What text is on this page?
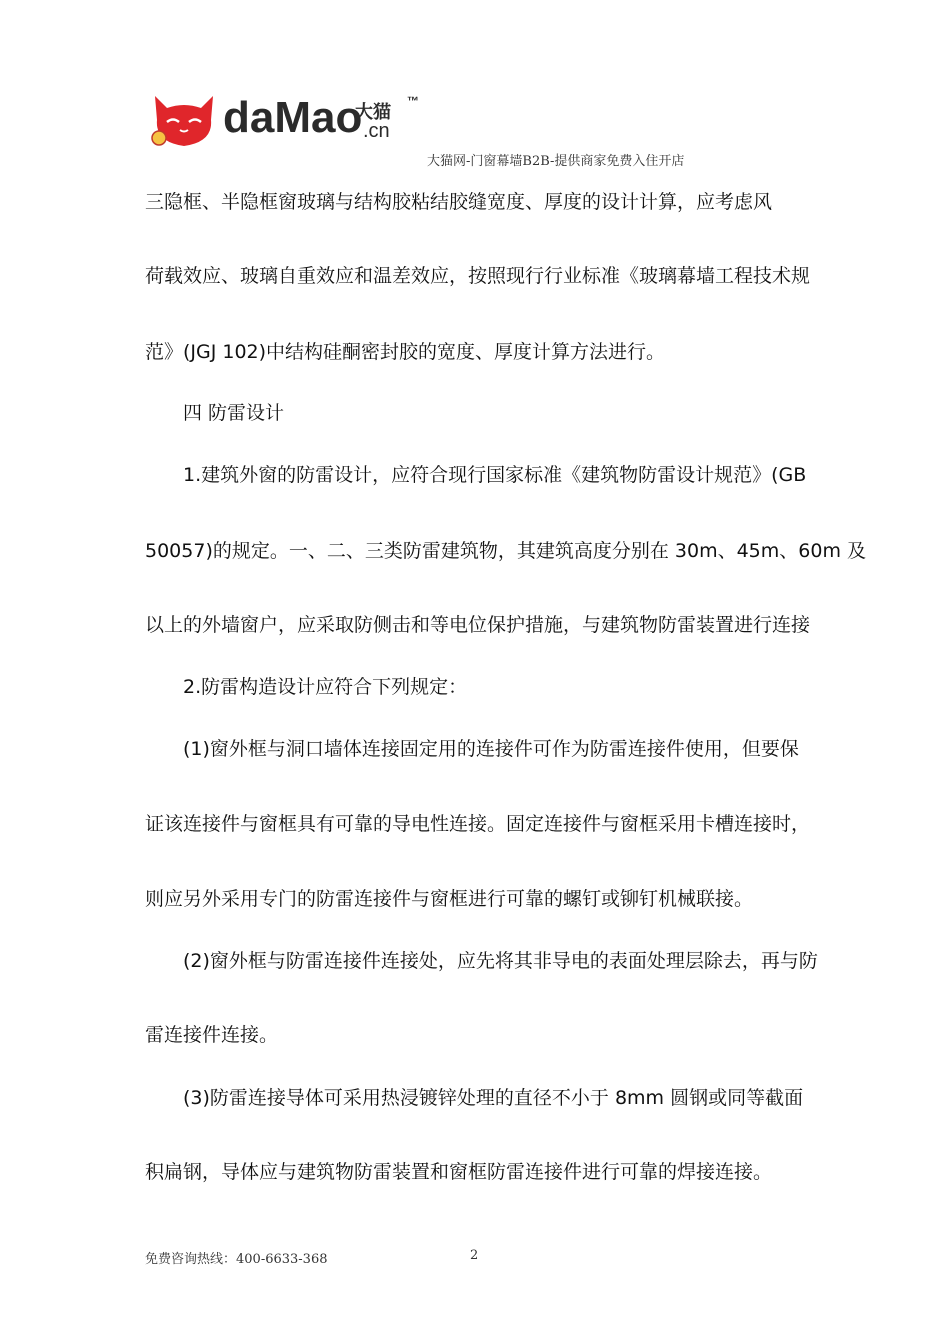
daMao
大猫
.cn
™
大猫网-门窗幕墙B2B-提供商家免费入住开店
三隐框、半隐框窗玻璃与结构胶粘结胶缝宽度、厚度的设计计算，应考虑风
荷载效应、玻璃自重效应和温差效应，按照现行行业标准《玻璃幕墙工程技术规
范》(JGJ 102)中结构硅酮密封胶的宽度、厚度计算方法进行。
四 防雷设计
1.建筑外窗的防雷设计，应符合现行国家标准《建筑物防雷设计规范》(GB
50057)的规定。一、二、三类防雷建筑物，其建筑高度分别在 30m、45m、60m 及
以上的外墙窗户，应采取防侧击和等电位保护措施，与建筑物防雷装置进行连接
2.防雷构造设计应符合下列规定：
(1)窗外框与洞口墙体连接固定用的连接件可作为防雷连接件使用，但要保
证该连接件与窗框具有可靠的导电性连接。固定连接件与窗框采用卡槽连接时，
则应另外采用专门的防雷连接件与窗框进行可靠的螺钉或铆钉机械联接。
(2)窗外框与防雷连接件连接处，应先将其非导电的表面处理层除去，再与防
雷连接件连接。
(3)防雷连接导体可采用热浸镀锌处理的直径不小于 8mm 圆钢或同等截面
积扁钢，导体应与建筑物防雷装置和窗框防雷连接件进行可靠的焊接连接。
免费咨询热线：400-6633-368	2
